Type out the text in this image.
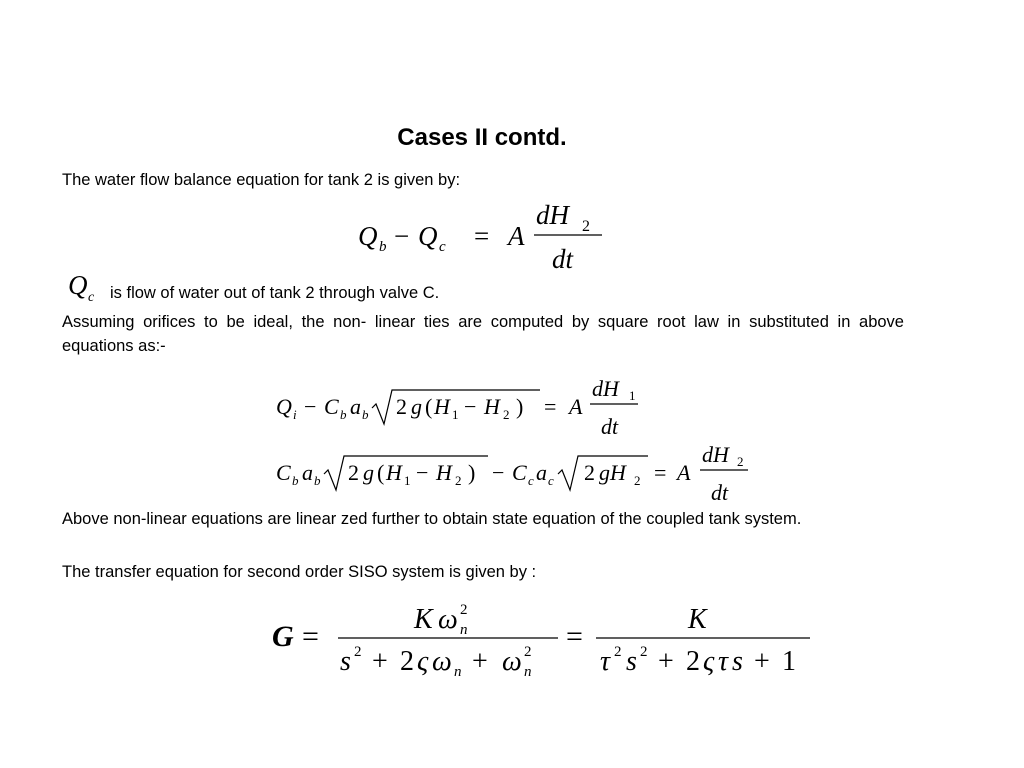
Cases II contd.
The water flow balance equation for tank 2 is given by:
Q b − Q c = A
dH 2
dt
Q c is flow of water out of tank 2 through valve C.
Assuming orifices to be ideal, the non- linear ties are computed by square root law in substituted in above equations as:-
Q i − C b a b 2 g ( H 1 − H 2 ) = A
dH 1
dt
C b a b 2 g ( H 1 − H 2 ) − C c a c 2 gH 2 = A
dH 2
dt
Above non-linear equations are linear zed further to obtain state equation of the coupled tank system.
The transfer equation for second order SISO system is given by :
G =
K ω n
2
s 2 + 2 ς ω n + ω n
2 =
K
τ 2 s 2 + 2 ς τ s + 1
